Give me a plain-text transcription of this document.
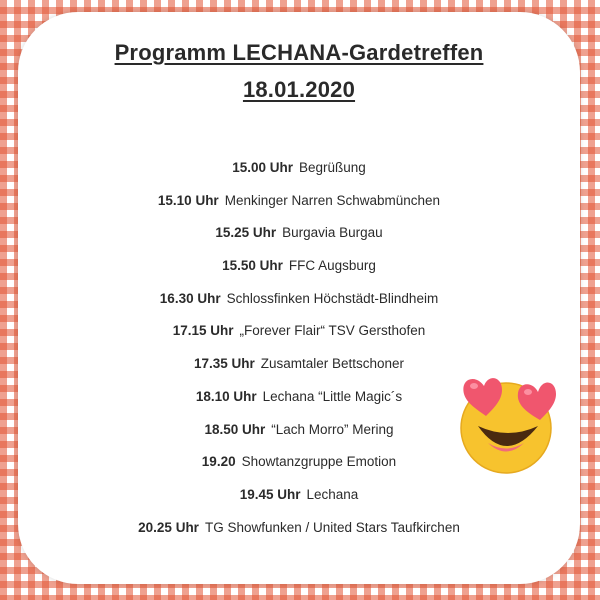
Programm LECHANA-Gardetreffen
18.01.2020
15.00 Uhr Begrüßung
15.10 Uhr Menkinger Narren Schwabmünchen
15.25 Uhr Burgavia Burgau
15.50 Uhr FFC Augsburg
16.30 Uhr Schlossfinken Höchstädt-Blindheim
17.15 Uhr „Forever Flair“ TSV Gersthofen
17.35 Uhr Zusamtaler Bettschoner
18.10 Uhr Lechana “Little Magic´s
18.50 Uhr “Lach Morro” Mering
19.20 Showtanzgruppe Emotion
19.45 Uhr Lechana
20.25 Uhr TG Showfunken / United Stars Taufkirchen
